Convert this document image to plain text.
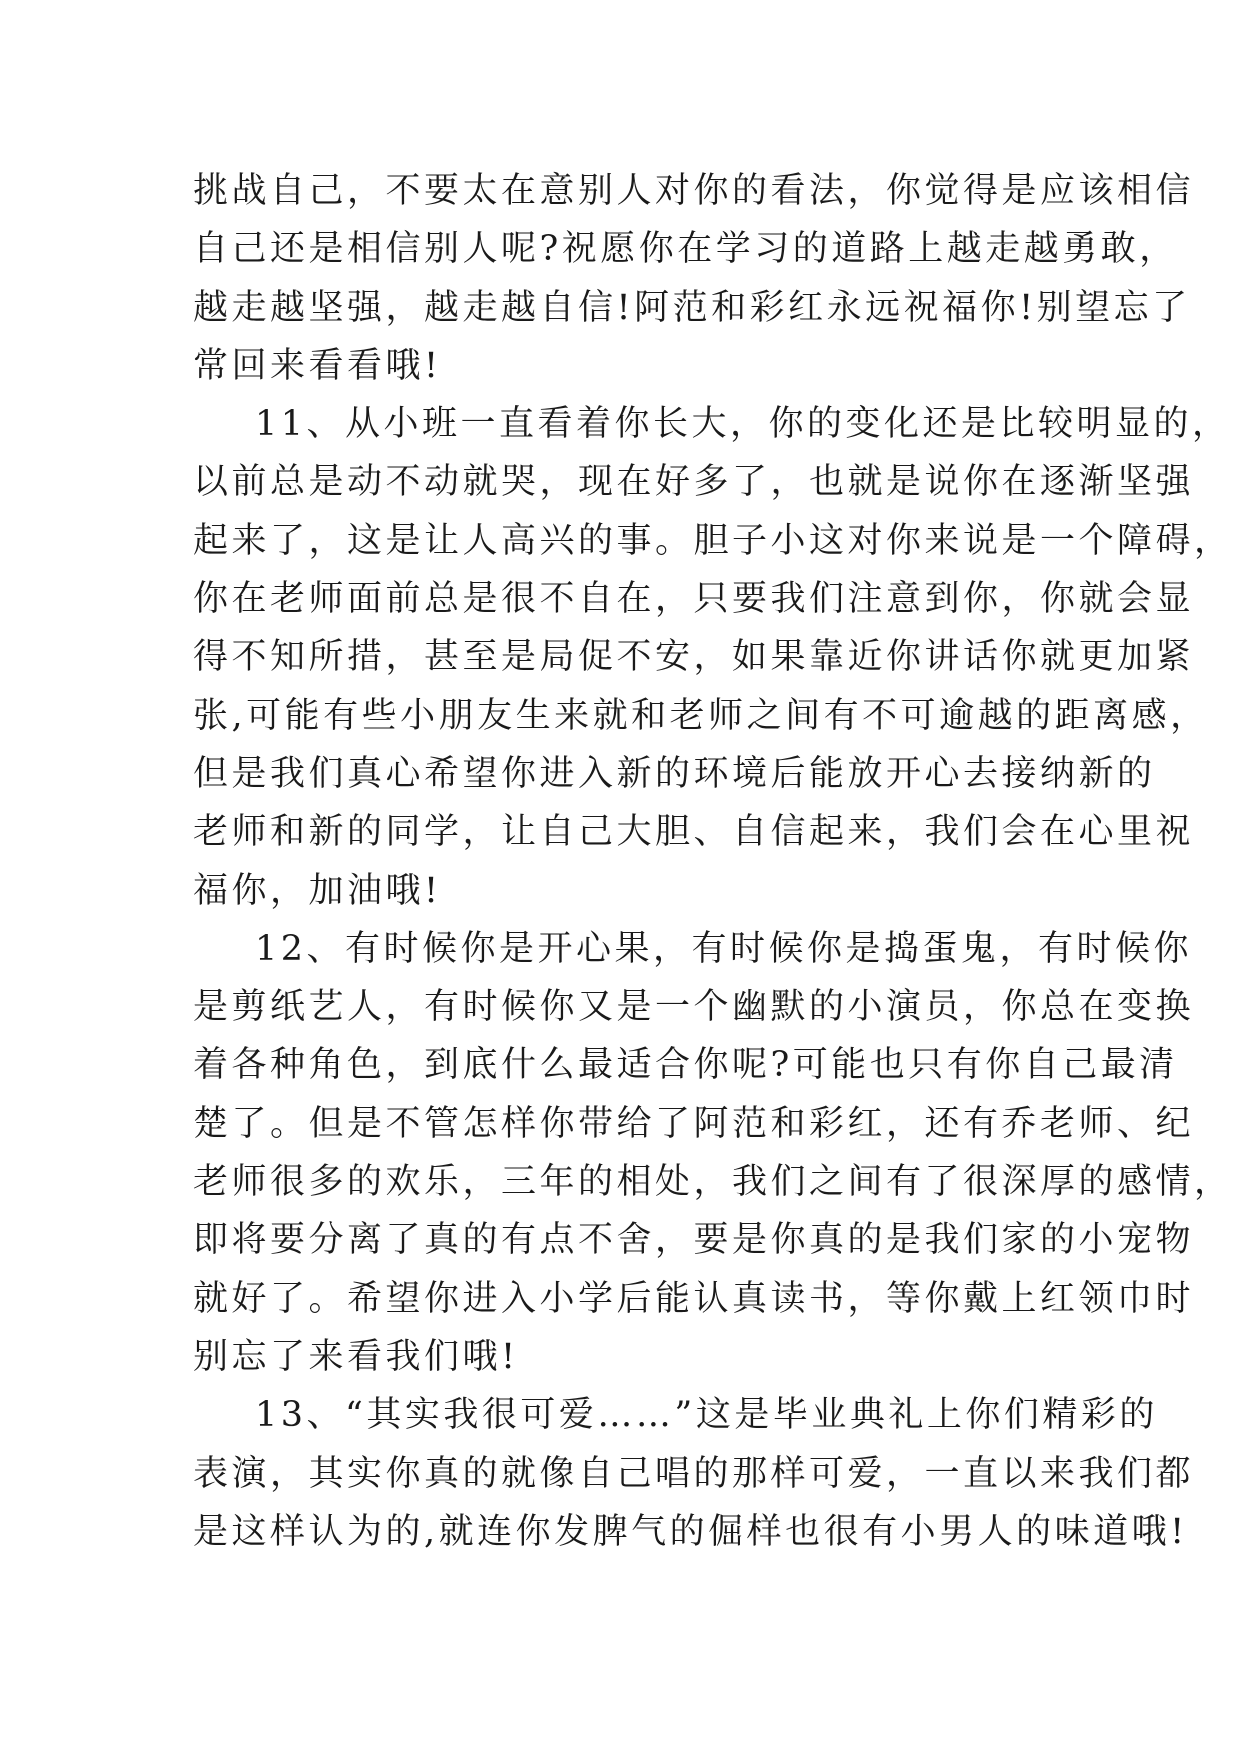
挑战自己，不要太在意别人对你的看法，你觉得是应该相信
自己还是相信别人呢?祝愿你在学习的道路上越走越勇敢，
越走越坚强，越走越自信!阿范和彩红永远祝福你!别望忘了
常回来看看哦!
11、从小班一直看着你长大，你的变化还是比较明显的，
以前总是动不动就哭，现在好多了，也就是说你在逐渐坚强
起来了，这是让人高兴的事。胆子小这对你来说是一个障碍，
你在老师面前总是很不自在，只要我们注意到你，你就会显
得不知所措，甚至是局促不安，如果靠近你讲话你就更加紧
张,可能有些小朋友生来就和老师之间有不可逾越的距离感，
但是我们真心希望你进入新的环境后能放开心去接纳新的
老师和新的同学，让自己大胆、自信起来，我们会在心里祝
福你，加油哦!
12、有时候你是开心果，有时候你是捣蛋鬼，有时候你
是剪纸艺人，有时候你又是一个幽默的小演员，你总在变换
着各种角色，到底什么最适合你呢?可能也只有你自己最清
楚了。但是不管怎样你带给了阿范和彩红，还有乔老师、纪
老师很多的欢乐，三年的相处，我们之间有了很深厚的感情，
即将要分离了真的有点不舍，要是你真的是我们家的小宠物
就好了。希望你进入小学后能认真读书，等你戴上红领巾时
别忘了来看我们哦!
13、“其实我很可爱……”这是毕业典礼上你们精彩的
表演，其实你真的就像自己唱的那样可爱，一直以来我们都
是这样认为的,就连你发脾气的倔样也很有小男人的味道哦!
